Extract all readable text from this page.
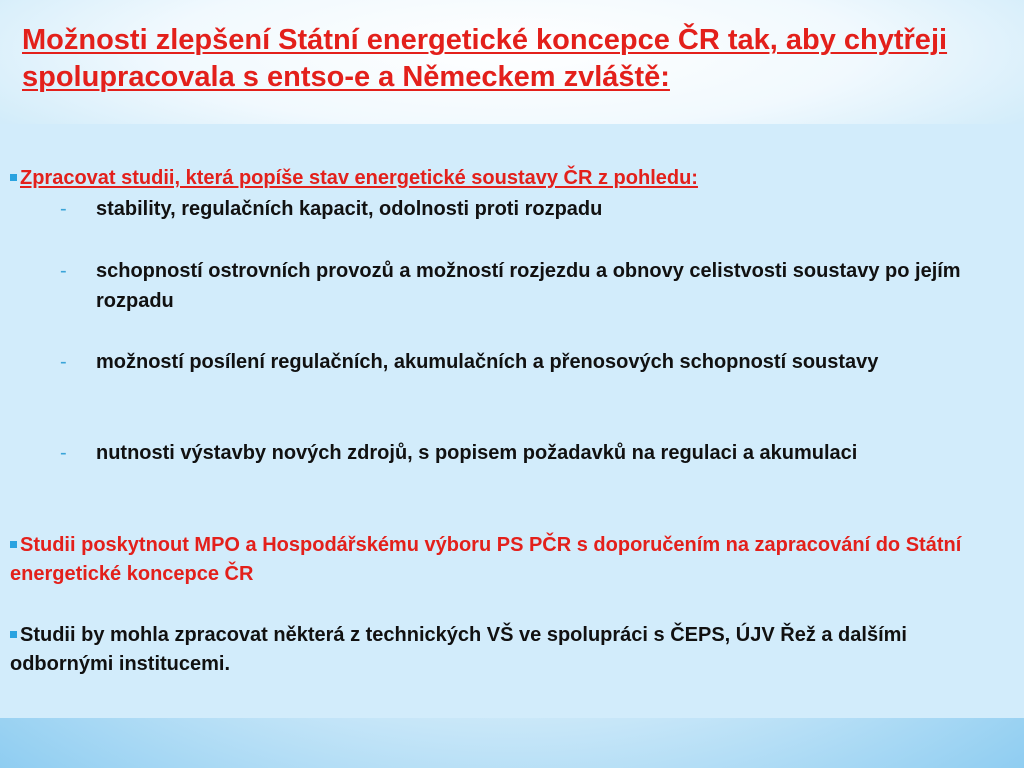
Možnosti zlepšení Státní energetické koncepce ČR tak, aby chytřeji spolupracovala s entso-e a Německem zvláště:
Zpracovat studii, která popíše stav energetické soustavy ČR z pohledu:
- stability, regulačních kapacit, odolnosti proti rozpadu
- schopností ostrovních provozů a možností rozjezdu a obnovy celistvosti soustavy po jejím rozpadu
- možností posílení regulačních, akumulačních a přenosových schopností soustavy
- nutnosti výstavby nových zdrojů, s popisem požadavků na regulaci a akumulaci
Studii poskytnout MPO a Hospodářskému výboru PS PČR s doporučením na zapracování do Státní energetické koncepce ČR
Studii by mohla zpracovat některá z technických VŠ ve spolupráci s ČEPS, ÚJV Řež a dalšími odbornými institucemi.
